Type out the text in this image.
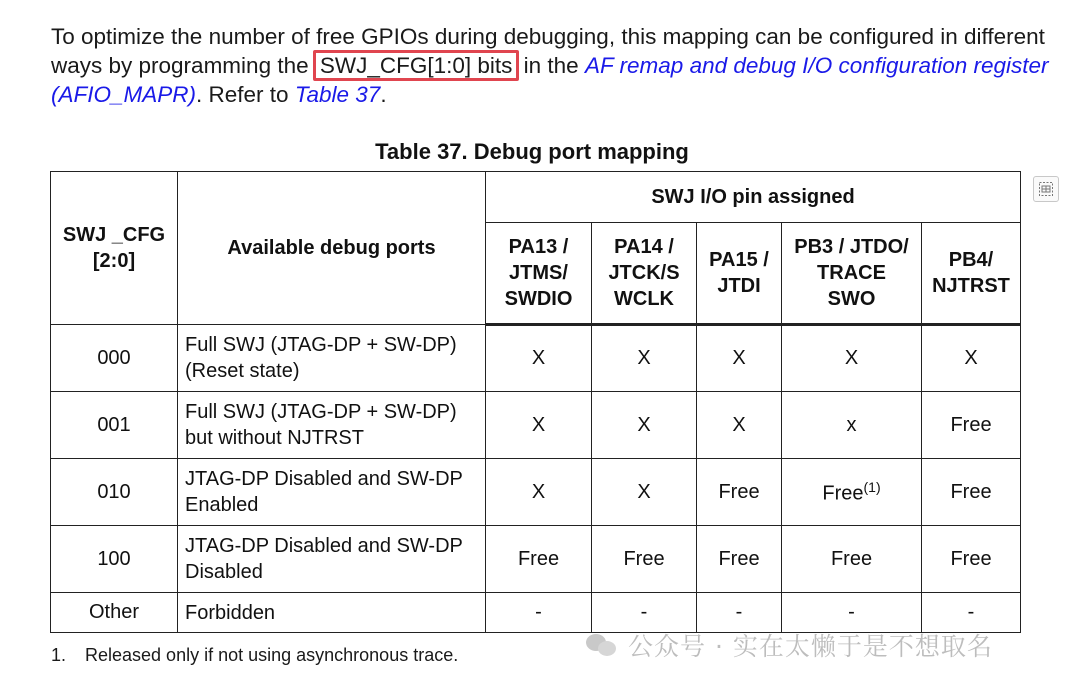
To optimize the number of free GPIOs during debugging, this mapping can be configured in different ways by programming the SWJ_CFG[1:0] bits in the AF remap and debug I/O configuration register (AFIO_MAPR). Refer to Table 37.
Table 37. Debug port mapping
SWJ _CFG [2:0]	Available debug ports	SWJ I/O pin assigned				
		PA13 / JTMS/ SWDIO	PA14 / JTCK/S WCLK	PA15 / JTDI	PB3 / JTDO/ TRACE SWO	PB4/ NJTRST
000	Full SWJ (JTAG-DP + SW-DP) (Reset state)	X	X	X	X	X
001	Full SWJ (JTAG-DP + SW-DP) but without NJTRST	X	X	X	x	Free
010	JTAG-DP Disabled and SW-DP Enabled	X	X	Free	Free$^{(1)}$	Free
100	JTAG-DP Disabled and SW-DP Disabled	Free	Free	Free	Free	Free
Other	Forbidden	-	-	-	-	-
1. Released only if not using asynchronous trace.	公众号 · 实在太懒于是不想取名
